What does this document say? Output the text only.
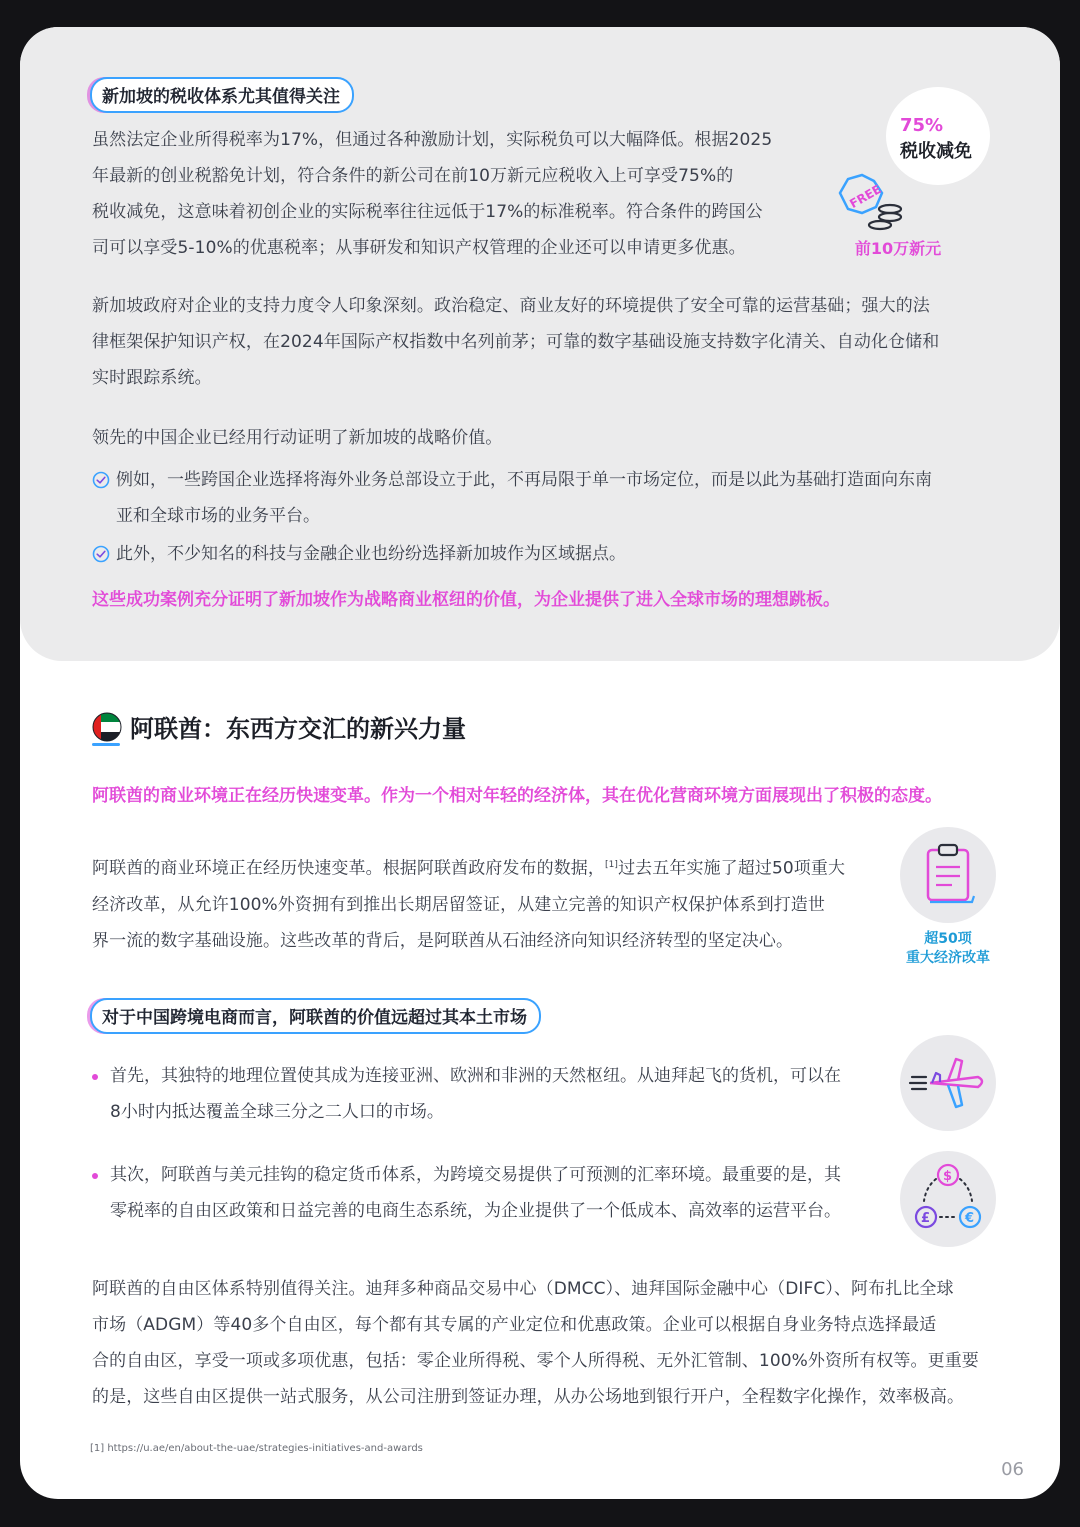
新加坡的税收体系尤其值得关注
虽然法定企业所得税率为17%，但通过各种激励计划，实际税负可以大幅降低。根据2025
年最新的创业税豁免计划，符合条件的新公司在前10万新元应税收入上可享受75%的
税收减免，这意味着初创企业的实际税率往往远低于17%的标准税率。符合条件的跨国公
司可以享受5-10%的优惠税率；从事研发和知识产权管理的企业还可以申请更多优惠。
75%
税收减免
FREE
前10万新元
新加坡政府对企业的支持力度令人印象深刻。政治稳定、商业友好的环境提供了安全可靠的运营基础；强大的法
律框架保护知识产权，在2024年国际产权指数中名列前茅；可靠的数字基础设施支持数字化清关、自动化仓储和
实时跟踪系统。
领先的中国企业已经用行动证明了新加坡的战略价值。
例如，一些跨国企业选择将海外业务总部设立于此，不再局限于单一市场定位，而是以此为基础打造面向东南
亚和全球市场的业务平台。
此外，不少知名的科技与金融企业也纷纷选择新加坡作为区域据点。
这些成功案例充分证明了新加坡作为战略商业枢纽的价值，为企业提供了进入全球市场的理想跳板。
阿联酋：东西方交汇的新兴力量
阿联酋的商业环境正在经历快速变革。作为一个相对年轻的经济体，其在优化营商环境方面展现出了积极的态度。
阿联酋的商业环境正在经历快速变革。根据阿联酋政府发布的数据，[1]过去五年实施了超过50项重大
经济改革，从允许100%外资拥有到推出长期居留签证，从建立完善的知识产权保护体系到打造世
界一流的数字基础设施。这些改革的背后，是阿联酋从石油经济向知识经济转型的坚定决心。	超50项
重大经济改革
对于中国跨境电商而言，阿联酋的价值远超过其本土市场
首先，其独特的地理位置使其成为连接亚洲、欧洲和非洲的天然枢纽。从迪拜起飞的货机，可以在
8小时内抵达覆盖全球三分之二人口的市场。
其次，阿联酋与美元挂钩的稳定货币体系，为跨境交易提供了可预测的汇率环境。最重要的是，其
零税率的自由区政策和日益完善的电商生态系统，为企业提供了一个低成本、高效率的运营平台。
$
£	€
阿联酋的自由区体系特别值得关注。迪拜多种商品交易中心（DMCC）、迪拜国际金融中心（DIFC）、阿布扎比全球
市场（ADGM）等40多个自由区，每个都有其专属的产业定位和优惠政策。企业可以根据自身业务特点选择最适
合的自由区，享受一项或多项优惠，包括：零企业所得税、零个人所得税、无外汇管制、100%外资所有权等。更重要
的是，这些自由区提供一站式服务，从公司注册到签证办理，从办公场地到银行开户，全程数字化操作，效率极高。
[1] https://u.ae/en/about-the-uae/strategies-initiatives-and-awards
06
